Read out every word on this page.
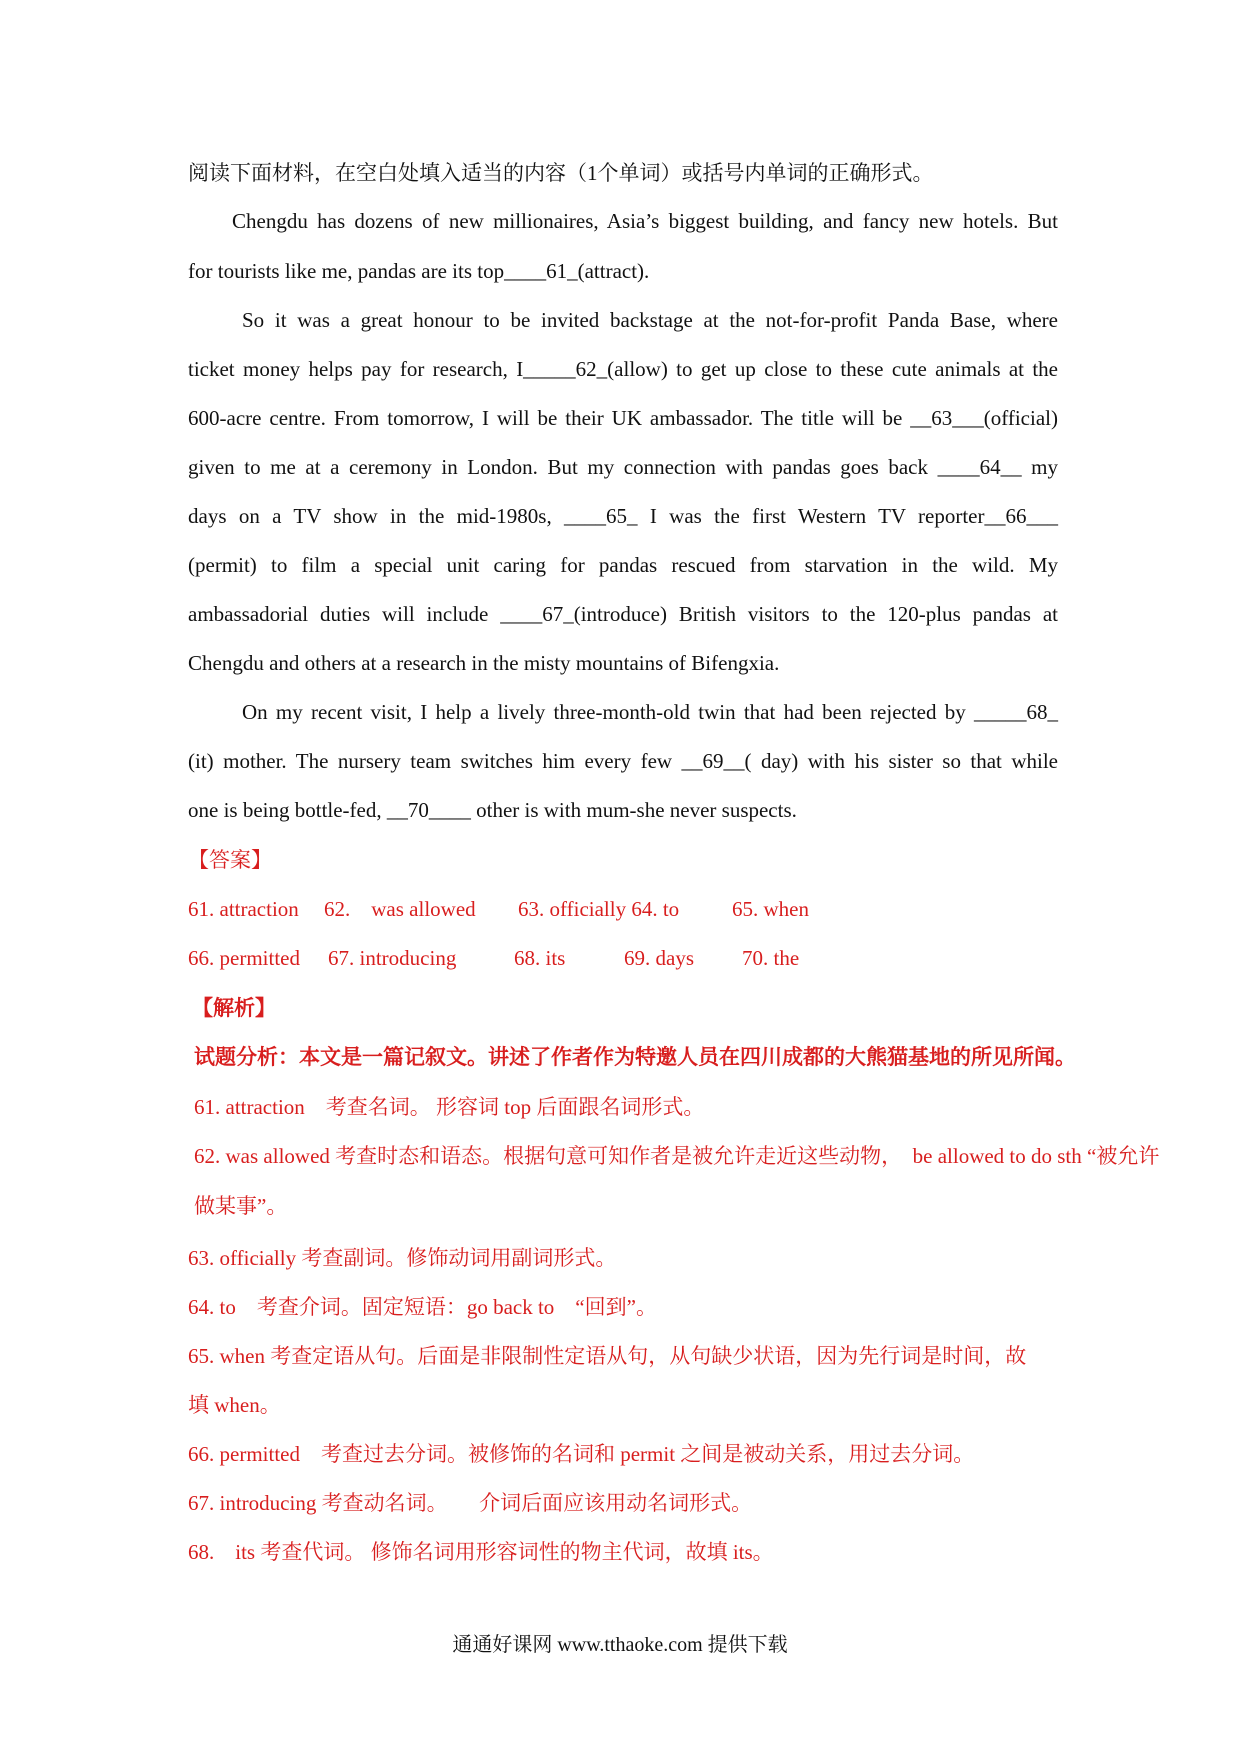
阅读下面材料，在空白处填入适当的内容（1个单词）或括号内单词的正确形式。
Chengdu has dozens of new millionaires, Asia’s biggest building, and fancy new hotels. But
for tourists like me, pandas are its top____61_(attract).
So it was a great honour to be invited backstage at the not-for-profit Panda Base, where
ticket money helps pay for research, I_____62_(allow) to get up close to these cute animals at the
600-acre centre. From tomorrow, I will be their UK ambassador. The title will be __63___(official)
given to me at a ceremony in London. But my connection with pandas goes back ____64__ my
days on a TV show in the mid-1980s, ____65_ I was the first Western TV reporter__66___
(permit) to film a special unit caring for pandas rescued from starvation in the wild. My
ambassadorial duties will include ____67_(introduce) British visitors to the 120-plus pandas at
Chengdu and others at a research in the misty mountains of Bifengxia.
On my recent visit, I help a lively three-month-old twin that had been rejected by _____68_
(it) mother. The nursery team switches him every few __69__( day) with his sister so that while
one is being bottle-fed, __70____ other is with mum-she never suspects.
【答案】
61. attraction 62.　was allowed 63. officially 64. to	65. when
66. permitted 67. introducing	68. its	69. days 70. the
【解析】
试题分析：本文是一篇记叙文。讲述了作者作为特邀人员在四川成都的大熊猫基地的所见所闻。
61. attraction　考查名词。 形容词 top 后面跟名词形式。
62. was allowed 考查时态和语态。根据句意可知作者是被允许走近这些动物，　be allowed to do sth “被允许
做某事”。
63. officially 考查副词。修饰动词用副词形式。
64. to　考查介词。固定短语：go back to　“回到”。
65. when 考查定语从句。后面是非限制性定语从句，从句缺少状语，因为先行词是时间，故
填 when。
66. permitted　考查过去分词。被修饰的名词和 permit 之间是被动关系，用过去分词。
67. introducing 考查动名词。　　介词后面应该用动名词形式。
68.　its 考查代词。 修饰名词用形容词性的物主代词，故填 its。
通通好课网 www.tthaoke.com 提供下载
